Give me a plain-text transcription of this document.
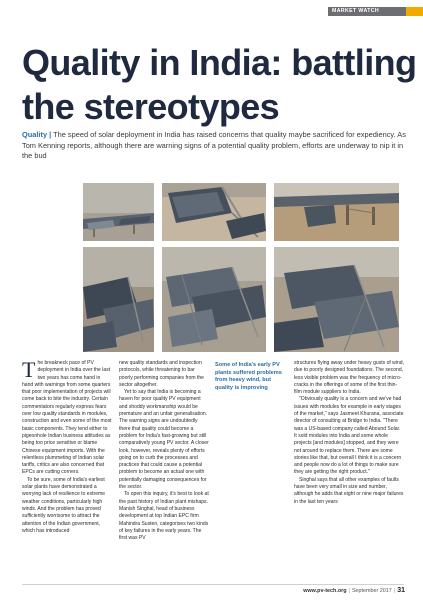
MARKET WATCH
Quality in India: battling
the stereotypes
Quality | The speed of solar deployment in India has raised concerns that quality maybe sacrificed for expediency. As Tom Kenning reports, although there are warning signs of a potential quality problem, efforts are underway to nip it in the bud

The breakneck pace of PV deployment in India over the last two years has come hand in hand with warnings from some quarters that poor implementation of projects will come back to bite the industry. Certain commentators regularly express fears over low quality standards in modules, construction and even some of the most basic components. They tend either to pigeonhole Indian business attitudes as being too price sensitive or blame Chinese equipment imports. With the relentless plummeting of Indian solar tariffs, critics are also concerned that EPCs are cutting corners.

To be sure, some of India's earliest solar plants have demonstrated a worrying lack of resilience to extreme weather conditions, particularly high winds. And the problem has proved sufficiently worrisome to attract the attention of the Indian government, which has introduced

new quality standards and inspection protocols, while threatening to bar poorly performing companies from the sector altogether.

Yet to say that India is becoming a haven for poor quality PV equipment and shoddy workmanship would be premature and an unfair generalisation. The warning signs are undoubtedly there that quality could become a problem for India's fast-growing but still comparatively young PV sector. A closer look, however, reveals plenty of efforts going on to curb the processes and practices that could cause a potential problem to become an actual one with potentially damaging consequences for the sector.

To open this inquiry, it's best to look at the past history of Indian plant mishaps. Manish Singhal, head of business development at top Indian EPC firm Mahindra Susten, categorises two kinds of key failures in the early years. The first was PV

Some of India's early PV plants suffered problems from heavy wind, but quality is improving

structures flying away under heavy gusts of wind, due to poorly designed foundations. The second, less visible problem was the frequency of micro-cracks in the offerings of some of the first thin-film module suppliers to India.

"Obviously quality is a concern and we've had issues with modules for example in early stages of the market," says Jasmeet Khurana, associate director of consulting at Bridge to India. "There was a US-based company called Abound Solar. It sold modules into India and some whole projects [and modules] stopped, and they were not around to replace them. There are some stories like that, but overall I think it is a concern and people now do a lot of things to make sure they are getting the right product."

Singhal says that all other examples of faults have been very small in size and number, although he adds that eight or nine major failures in the last ten years

www.pv-tech.org | September 2017 | 31
